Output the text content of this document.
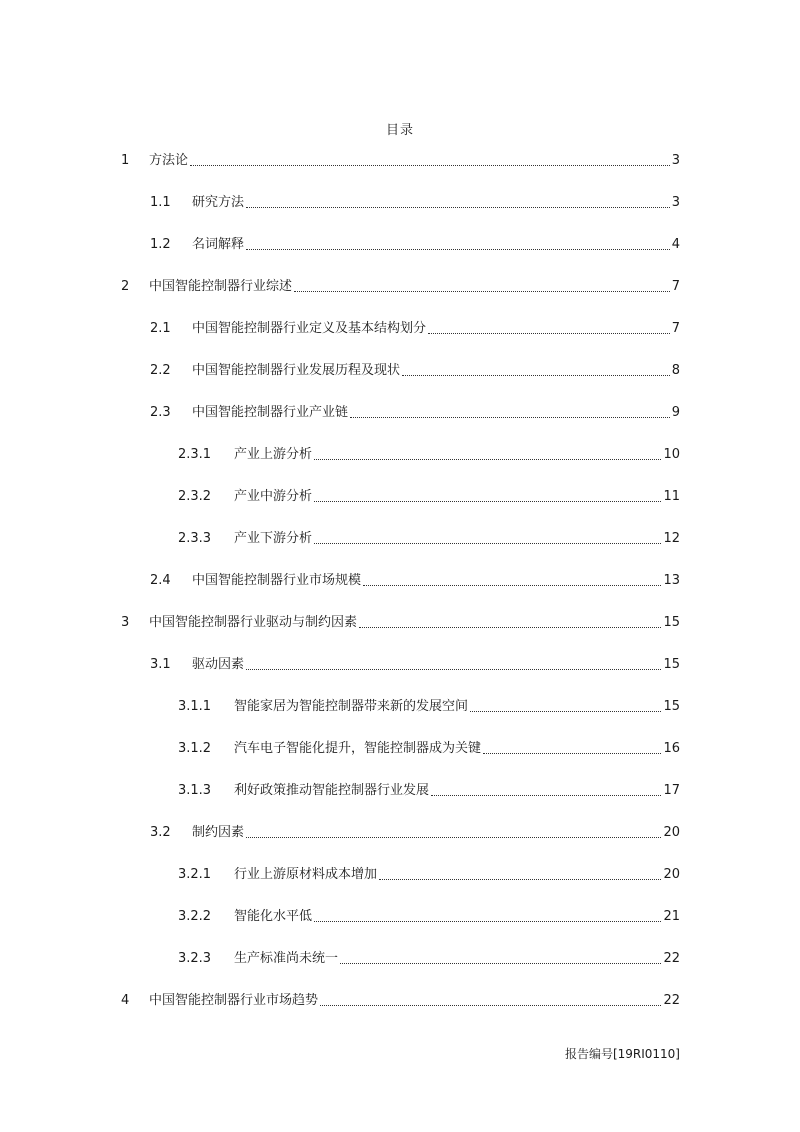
目录
1	方法论	3
1.1	研究方法	3
1.2	名词解释	4
2	中国智能控制器行业综述	7
2.1	中国智能控制器行业定义及基本结构划分	7
2.2	中国智能控制器行业发展历程及现状	8
2.3	中国智能控制器行业产业链	9
2.3.1	产业上游分析	10
2.3.2	产业中游分析	11
2.3.3	产业下游分析	12
2.4	中国智能控制器行业市场规模	13
3	中国智能控制器行业驱动与制约因素	15
3.1	驱动因素	15
3.1.1	智能家居为智能控制器带来新的发展空间	15
3.1.2	汽车电子智能化提升，智能控制器成为关键	16
3.1.3	利好政策推动智能控制器行业发展	17
3.2	制约因素	20
3.2.1	行业上游原材料成本增加	20
3.2.2	智能化水平低	21
3.2.3	生产标准尚未统一	22
4	中国智能控制器行业市场趋势	22
报告编号[19RI0110]
